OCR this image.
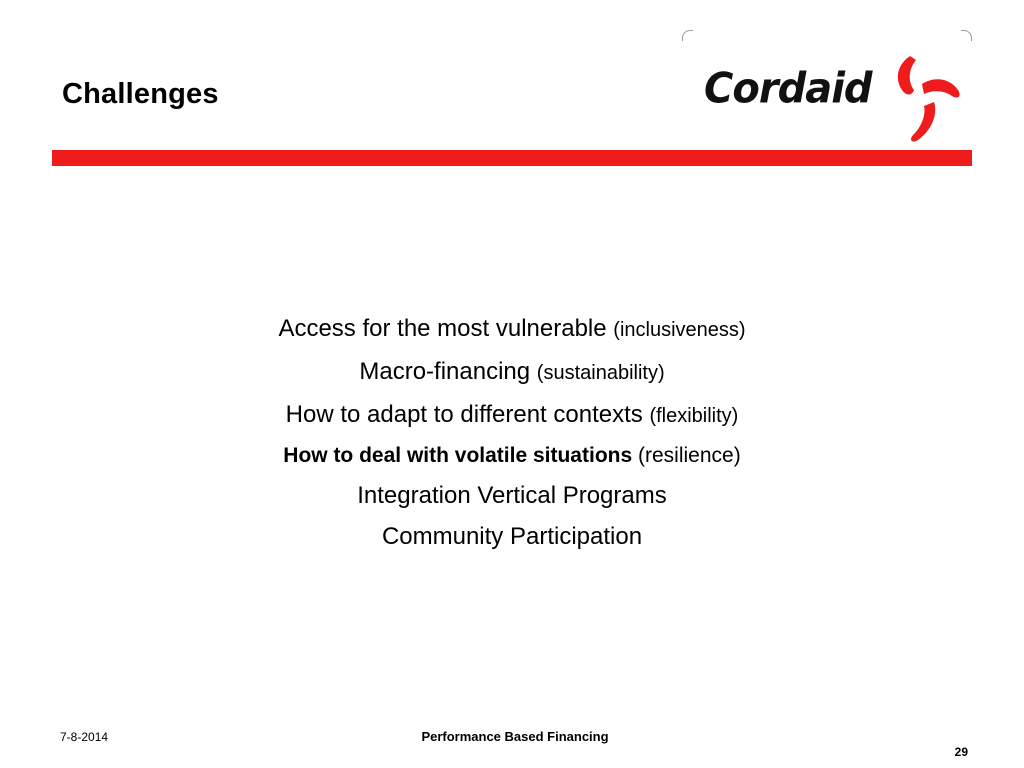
Challenges	Cordaid

Access for the most vulnerable (inclusiveness)

Macro-financing (sustainability)

How to adapt to different contexts (flexibility)

How to deal with volatile situations (resilience)

Integration Vertical Programs

Community Participation

7-8-2014	Performance Based Financing
29
